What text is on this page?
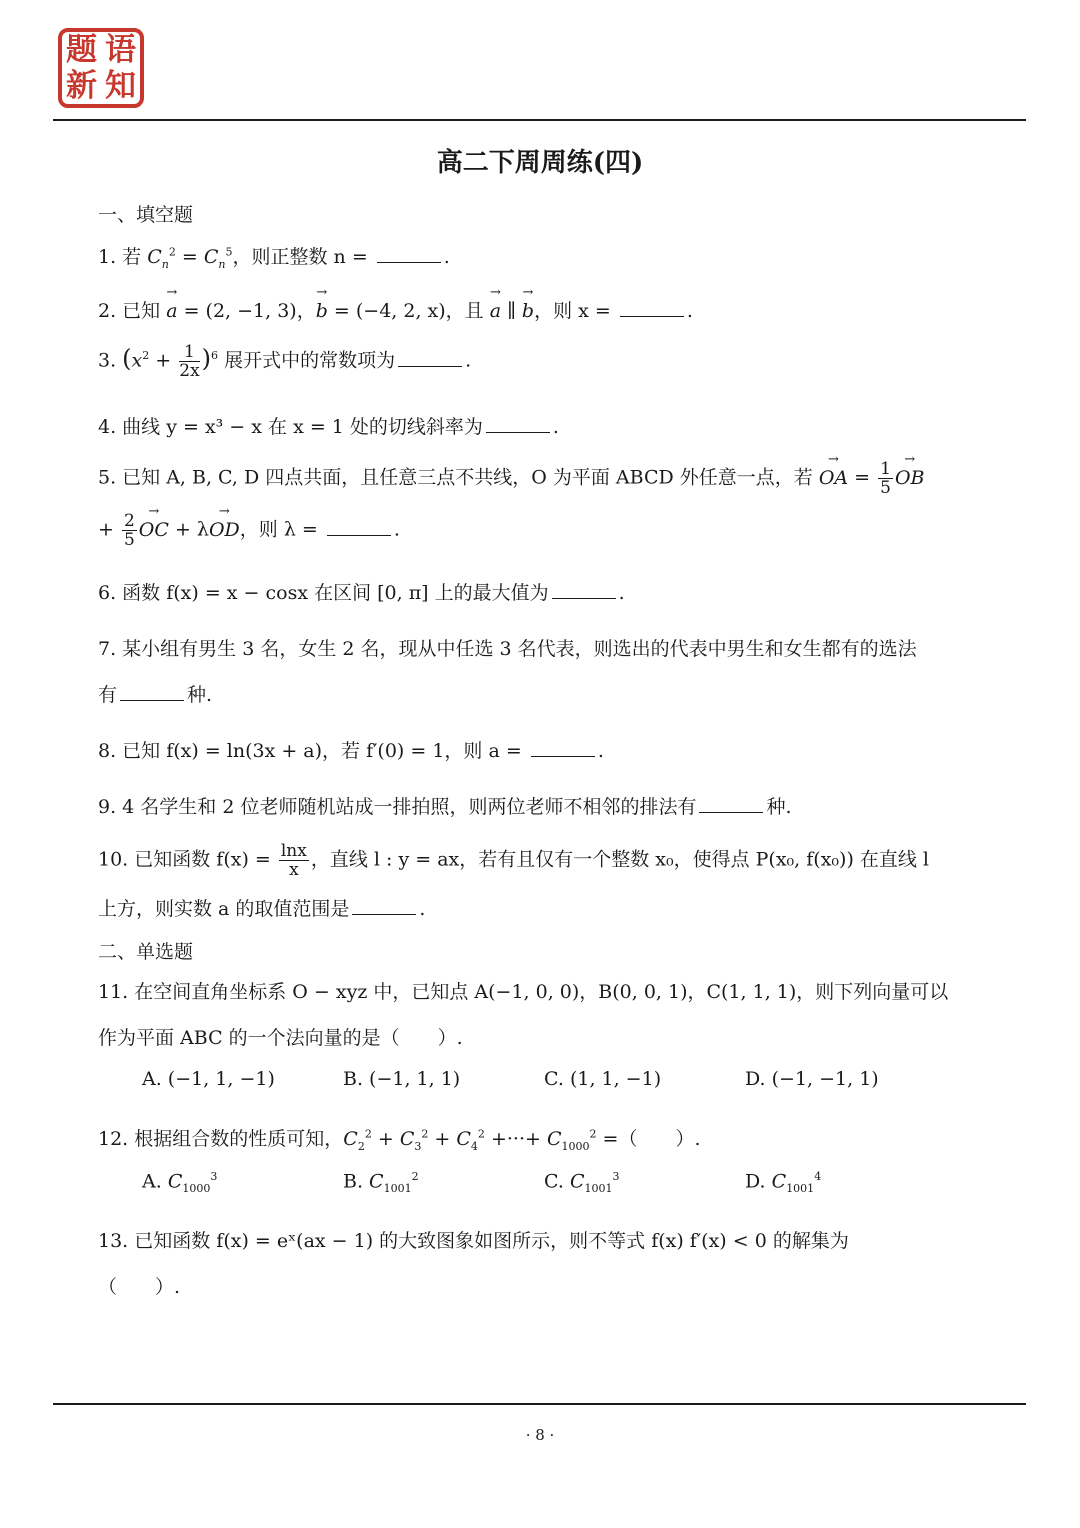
题 语
新 知
高二下周周练(四)
一、填空题
1. 若 $C_n^2 = C_n^5$，则正整数 n =	.
2. 已知 → a = (2, −1, 3)，→ b = (−4, 2, x)，且 → a ∥ → b，则 x =	.
3. $(x^2 + \frac{1}{2x} )^6$ 展开式中的常数项为	.
4. 曲线 y = x³ − x 在 x = 1 处的切线斜率为	.
5. 已知 A, B, C, D 四点共面，且任意三点不共线，O 为平面 ABCD 外任意一点，若 → OA = $\frac{1}{5}$ → OB
+ $\frac{2}{5}$ → OC + λ→ OD，则 λ =	.
6. 函数 f(x) = x − cosx 在区间 [0, π] 上的最大值为	.
7. 某小组有男生 3 名，女生 2 名，现从中任选 3 名代表，则选出的代表中男生和女生都有的选法
有	种.
8. 已知 f(x) = ln(3x + a)，若 f′(0) = 1，则 a =	.
9. 4 名学生和 2 位老师随机站成一排拍照，则两位老师不相邻的排法有	种.
10. 已知函数 $f(x) = \frac{\ln x}{x}$ ，直线 l : y = ax，若有且仅有一个整数 x₀，使得点 P(x₀, f(x₀)) 在直线 l
上方，则实数 a 的取值范围是	.
二、单选题
11. 在空间直角坐标系 O − xyz 中，已知点 A(−1, 0, 0)，B(0, 0, 1)，C(1, 1, 1)，则下列向量可以
作为平面 ABC 的一个法向量的是（　　）.
A. (−1, 1, −1)	B. (−1, 1, 1)	C. (1, 1, −1)	D. (−1, −1, 1)
12. 根据组合数的性质可知，$C_2^2 + C_3^2 + C_4^2$ +···+ $C_{1000}^2$ =（　　）.
A. $C_{1000}^3$	B. $C_{1001}^2$	C. $C_{1001}^3$	D. $C_{1001}^4$
13. 已知函数 f(x) = eˣ(ax − 1) 的大致图象如图所示，则不等式 f(x) f′(x) < 0 的解集为
（　　）.
· 8 ·
